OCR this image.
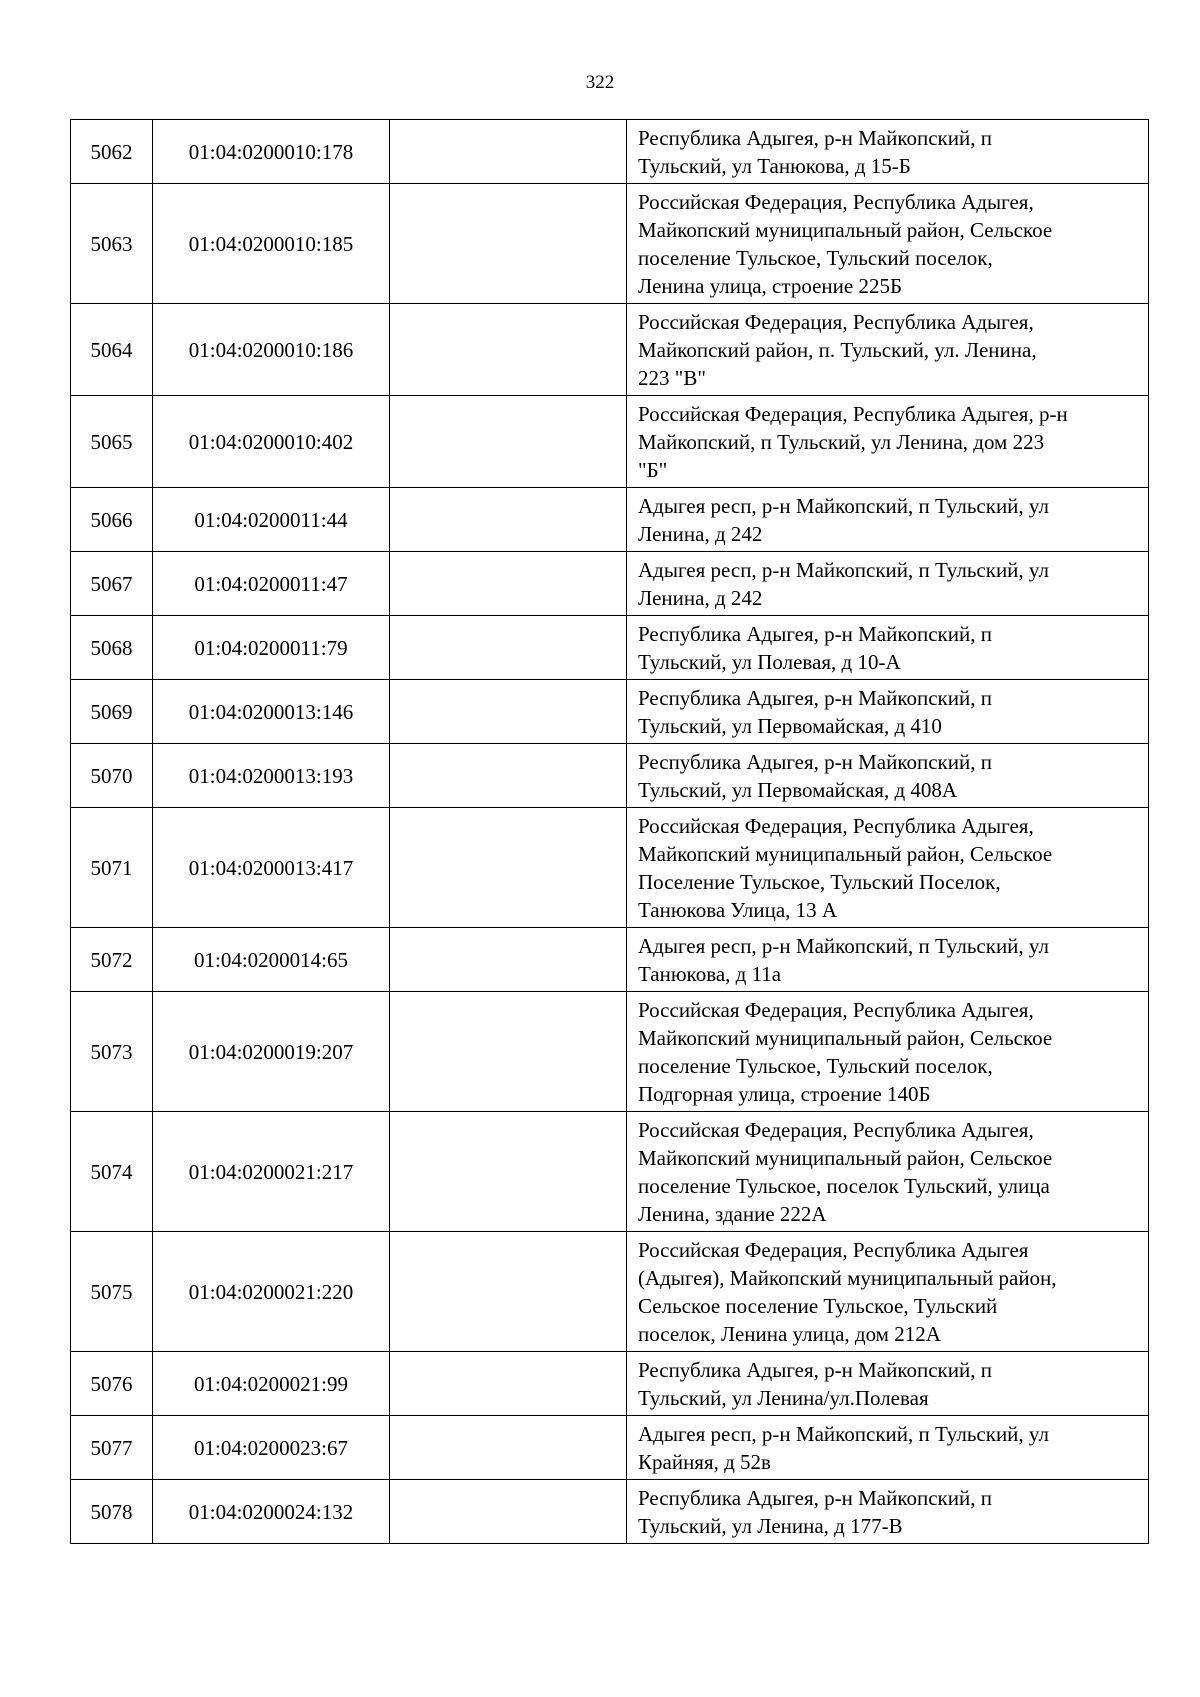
322
5062	01:04:0200010:178		Республика Адыгея, р-н Майкопский, п
Тульский, ул Танюкова, д 15-Б
5063	01:04:0200010:185		Российская Федерация, Республика Адыгея,
Майкопский муниципальный район, Сельское
поселение Тульское, Тульский поселок,
Ленина улица, строение 225Б
5064	01:04:0200010:186		Российская Федерация, Республика Адыгея,
Майкопский район, п. Тульский, ул. Ленина,
223 "В"
5065	01:04:0200010:402		Российская Федерация, Республика Адыгея, р-н
Майкопский, п Тульский, ул Ленина, дом 223
"Б"
5066	01:04:0200011:44		Адыгея респ, р-н Майкопский, п Тульский, ул
Ленина, д 242
5067	01:04:0200011:47		Адыгея респ, р-н Майкопский, п Тульский, ул
Ленина, д 242
5068	01:04:0200011:79		Республика Адыгея, р-н Майкопский, п
Тульский, ул Полевая, д 10-А
5069	01:04:0200013:146		Республика Адыгея, р-н Майкопский, п
Тульский, ул Первомайская, д 410
5070	01:04:0200013:193		Республика Адыгея, р-н Майкопский, п
Тульский, ул Первомайская, д 408А
5071	01:04:0200013:417		Российская Федерация, Республика Адыгея,
Майкопский муниципальный район, Сельское
Поселение Тульское, Тульский Поселок,
Танюкова Улица, 13 А
5072	01:04:0200014:65		Адыгея респ, р-н Майкопский, п Тульский, ул
Танюкова, д 11а
5073	01:04:0200019:207		Российская Федерация, Республика Адыгея,
Майкопский муниципальный район, Сельское
поселение Тульское, Тульский поселок,
Подгорная улица, строение 140Б
5074	01:04:0200021:217		Российская Федерация, Республика Адыгея,
Майкопский муниципальный район, Сельское
поселение Тульское, поселок Тульский, улица
Ленина, здание 222А
5075	01:04:0200021:220		Российская Федерация, Республика Адыгея
(Адыгея), Майкопский муниципальный район,
Сельское поселение Тульское, Тульский
поселок, Ленина улица, дом 212А
5076	01:04:0200021:99		Республика Адыгея, р-н Майкопский, п
Тульский, ул Ленина/ул.Полевая
5077	01:04:0200023:67		Адыгея респ, р-н Майкопский, п Тульский, ул
Крайняя, д 52в
5078	01:04:0200024:132		Республика Адыгея, р-н Майкопский, п
Тульский, ул Ленина, д 177-В
